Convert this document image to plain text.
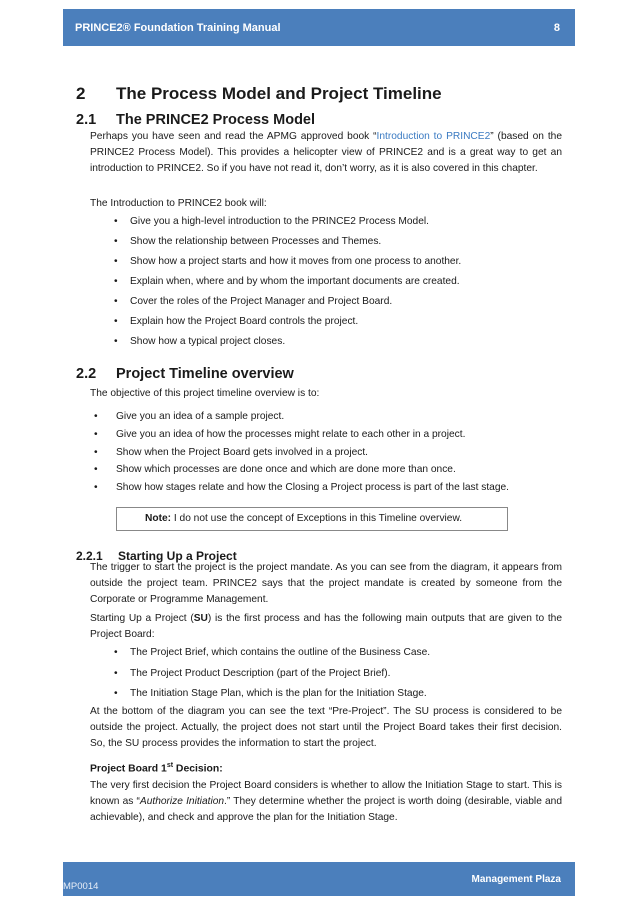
PRINCE2® Foundation Training Manual	8
2 The Process Model and Project Timeline
2.1 The PRINCE2 Process Model

Perhaps you have seen and read the APMG approved book “Introduction to PRINCE2” (based on the PRINCE2 Process Model). This provides a helicopter view of PRINCE2 and is a great way to get an introduction to PRINCE2. So if you have not read it, don’t worry, as it is also covered in this chapter.

The Introduction to PRINCE2 book will:

• Give you a high-level introduction to the PRINCE2 Process Model.
• Show the relationship between Processes and Themes.
• Show how a project starts and how it moves from one process to another.
• Explain when, where and by whom the important documents are created.
• Cover the roles of the Project Manager and Project Board.
• Explain how the Project Board controls the project.
• Show how a typical project closes.
2.2 Project Timeline overview

The objective of this project timeline overview is to:

• Give you an idea of a sample project.
• Give you an idea of how the processes might relate to each other in a project.
• Show when the Project Board gets involved in a project.
• Show which processes are done once and which are done more than once.
• Show how stages relate and how the Closing a Project process is part of the last stage.
Note: I do not use the concept of Exceptions in this Timeline overview.
2.2.1 Starting Up a Project

The trigger to start the project is the project mandate. As you can see from the diagram, it appears from outside the project team. PRINCE2 says that the project mandate is created by someone from the Corporate or Programme Management.

Starting Up a Project (SU) is the first process and has the following main outputs that are given to the Project Board:

• The Project Brief, which contains the outline of the Business Case.
• The Project Product Description (part of the Project Brief).
• The Initiation Stage Plan, which is the plan for the Initiation Stage.

At the bottom of the diagram you can see the text “Pre-Project”. The SU process is considered to be outside the project. Actually, the project does not start until the Project Board takes their first decision. So, the SU process provides the information to start the project.

Project Board 1st Decision:

The very first decision the Project Board considers is whether to allow the Initiation Stage to start. This is known as “Authorize Initiation.” They determine whether the project is worth doing (desirable, viable and achievable), and check and approve the plan for the Initiation Stage.

MP0014
Management Plaza
